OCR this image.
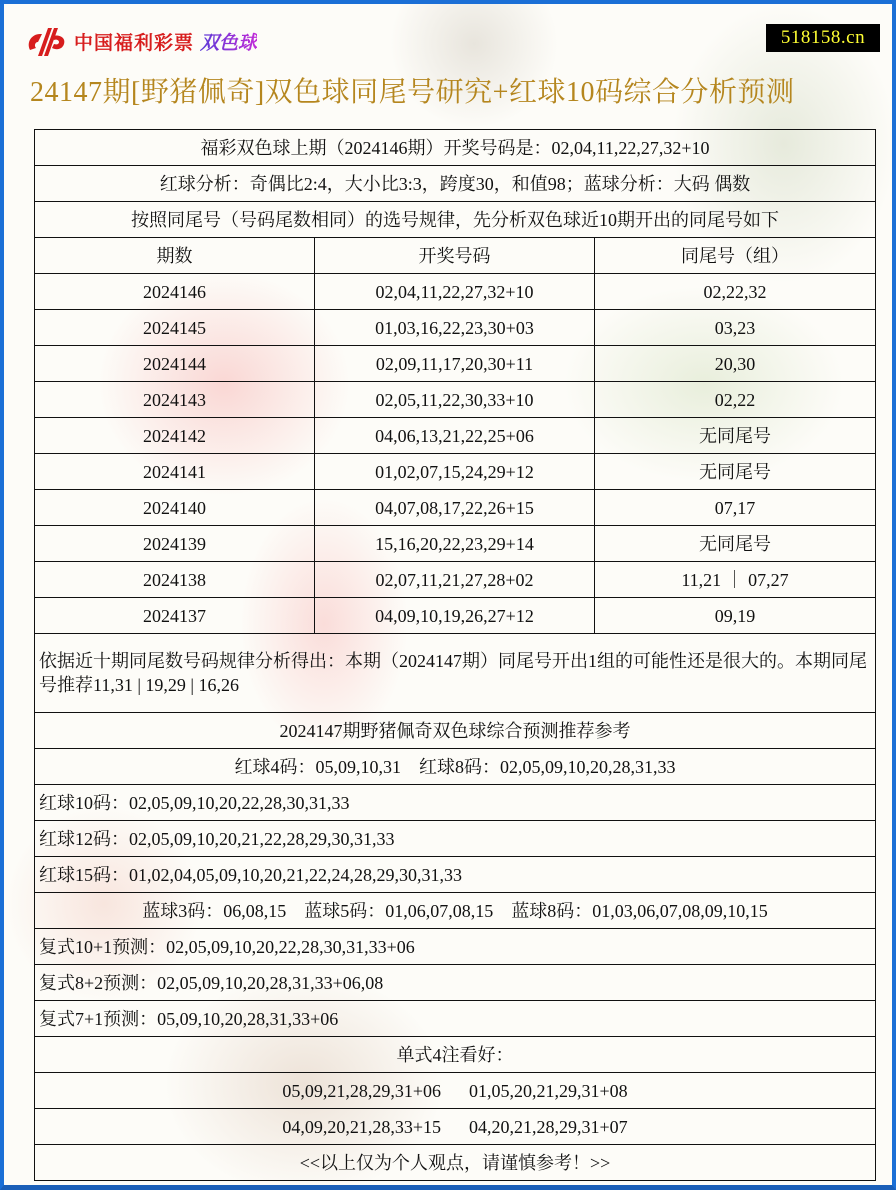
中国福利彩票 双色球	518158.cn
24147期[野猪佩奇]双色球同尾号研究+红球10码综合分析预测
福彩双色球上期（2024146期）开奖号码是：02,04,11,22,27,32+10		
红球分析：奇偶比2:4，大小比3:3，跨度30，和值98；蓝球分析：大码 偶数		
按照同尾号（号码尾数相同）的选号规律，先分析双色球近10期开出的同尾号如下		
期数	开奖号码	同尾号（组）
2024146	02,04,11,22,27,32+10	02,22,32
2024145	01,03,16,22,23,30+03	03,23
2024144	02,09,11,17,20,30+11	20,30
2024143	02,05,11,22,30,33+10	02,22
2024142	04,06,13,21,22,25+06	无同尾号
2024141	01,02,07,15,24,29+12	无同尾号
2024140	04,07,08,17,22,26+15	07,17
2024139	15,16,20,22,23,29+14	无同尾号
2024138	02,07,11,21,27,28+02	11,21 ｜ 07,27
2024137	04,09,10,19,26,27+12	09,19
依据近十期同尾数号码规律分析得出：本期（2024147期）同尾号开出1组的可能性还是很大的。本期同尾号推荐11,31 | 19,29 | 16,26		
2024147期野猪佩奇双色球综合预测推荐参考		
红球4码：05,09,10,31 红球8码：02,05,09,10,20,28,31,33		
红球10码：02,05,09,10,20,22,28,30,31,33		
红球12码：02,05,09,10,20,21,22,28,29,30,31,33		
红球15码：01,02,04,05,09,10,20,21,22,24,28,29,30,31,33		
蓝球3码：06,08,15 蓝球5码：01,06,07,08,15 蓝球8码：01,03,06,07,08,09,10,15		
复式10+1预测：02,05,09,10,20,22,28,30,31,33+06		
复式8+2预测：02,05,09,10,20,28,31,33+06,08		
复式7+1预测：05,09,10,20,28,31,33+06		
单式4注看好：		
05,09,21,28,29,31+06 01,05,20,21,29,31+08		
04,09,20,21,28,33+15 04,20,21,28,29,31+07		
<<以上仅为个人观点，请谨慎参考！>>		
